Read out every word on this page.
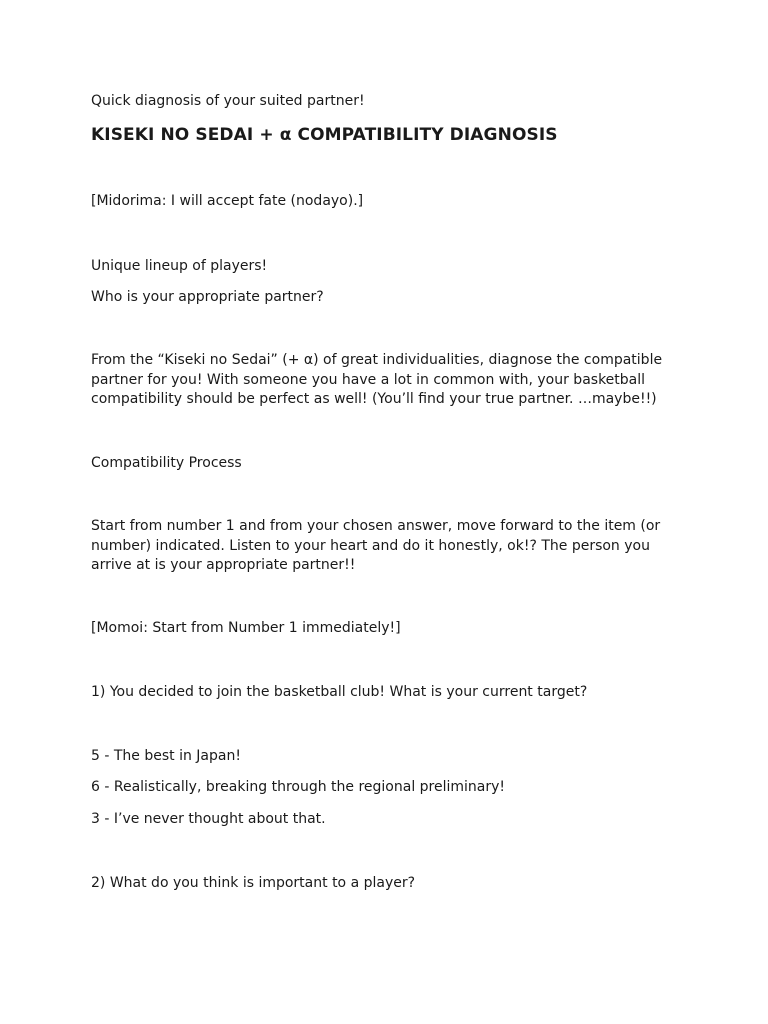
Quick diagnosis of your suited partner!

KISEKI NO SEDAI + α COMPATIBILITY DIAGNOSIS

[Midorima: I will accept fate (nodayo).]

Unique lineup of players!

Who is your appropriate partner?

From the “Kiseki no Sedai” (+ α) of great individualities, diagnose the compatible
partner for you! With someone you have a lot in common with, your basketball
compatibility should be perfect as well! (You’ll find your true partner. …maybe!!)

Compatibility Process

Start from number 1 and from your chosen answer, move forward to the item (or
number) indicated. Listen to your heart and do it honestly, ok!? The person you
arrive at is your appropriate partner!!

[Momoi: Start from Number 1 immediately!]

1) You decided to join the basketball club! What is your current target?

5 - The best in Japan!

6 - Realistically, breaking through the regional preliminary!

3 - I’ve never thought about that.

2) What do you think is important to a player?
